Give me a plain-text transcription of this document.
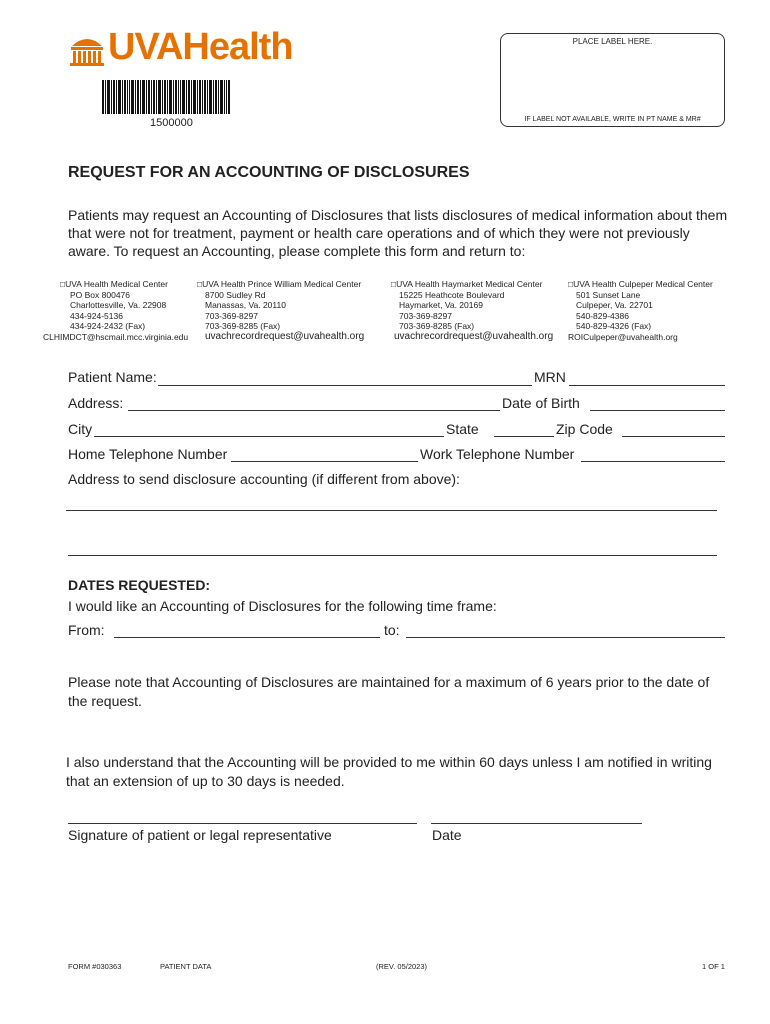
UVAHealth
1500000
PLACE LABEL HERE.
IF LABEL NOT AVAILABLE, WRITE IN PT NAME & MR#
REQUEST FOR AN ACCOUNTING OF DISCLOSURES
Patients may request an Accounting of Disclosures that lists disclosures of medical information about them that were not for treatment, payment or health care operations and of which they were not previously aware. To request an Accounting, please complete this form and return to:
□UVA Health Medical Center
PO Box 800476
Charlottesville, Va. 22908
434-924-5136
434-924-2432 (Fax)
CLHIMDCT@hscmail.mcc.virginia.edu
□UVA Health Prince William Medical Center
8700 Sudley Rd
Manassas, Va. 20110
703-369-8297
703-369-8285 (Fax)
uvachrecordrequest@uvahealth.org
□UVA Health Haymarket Medical Center
15225 Heathcote Boulevard
Haymarket, Va. 20169
703-369-8297
703-369-8285 (Fax)
uvachrecordrequest@uvahealth.org
□UVA Health Culpeper Medical Center
501 Sunset Lane
Culpeper, Va. 22701
540-829-4386
540-829-4326 (Fax)
ROICulpeper@uvahealth.org
Patient Name:	MRN
Address:	Date of Birth
City	State	Zip Code
Home Telephone Number	Work Telephone Number
Address to send disclosure accounting (if different from above):
DATES REQUESTED:
I would like an Accounting of Disclosures for the following time frame:
From:	to:
Please note that Accounting of Disclosures are maintained for a maximum of 6 years prior to the date of the request.
I also understand that the Accounting will be provided to me within 60 days unless I am notified in writing that an extension of up to 30 days is needed.
Signature of patient or legal representative	Date
FORM #030363	PATIENT DATA	(REV. 05/2023)	1 OF 1
